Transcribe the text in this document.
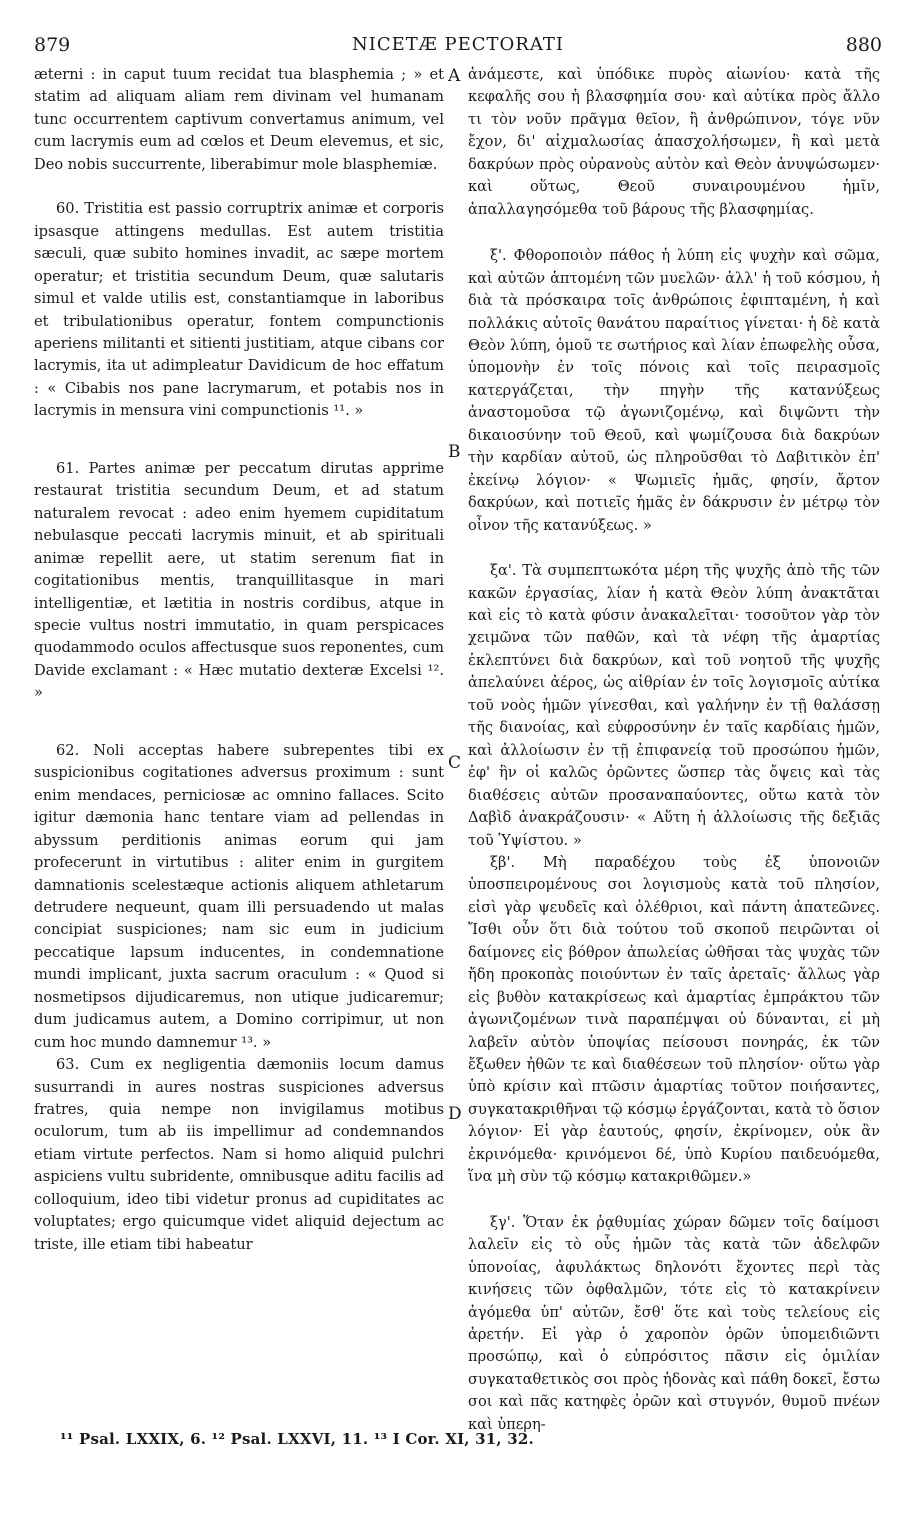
879	NICETÆ PECTORATI	880

æterni : in caput tuum recidat tua blasphemia ; » et statim ad aliquam aliam rem divinam vel humanam tunc occurrentem captivum convertamus animum, vel cum lacrymis eum ad cœlos et Deum elevemus, et sic, Deo nobis succurrente, liberabimur mole blasphemiæ.

60. Tristitia est passio corruptrix animæ et corporis ipsasque attingens medullas. Est autem tristitia sæculi, quæ subito homines invadit, ac sæpe mortem operatur; et tristitia secundum Deum, quæ salutaris simul et valde utilis est, constantiamque in laboribus et tribulationibus operatur, fontem compunctionis aperiens militanti et sitienti justitiam, atque cibans cor lacrymis, ita ut adimpleatur Davidicum de hoc effatum : « Cibabis nos pane lacrymarum, et potabis nos in lacrymis in mensura vini compunctionis ¹¹. »

61. Partes animæ per peccatum dirutas apprime restaurat tristitia secundum Deum, et ad statum naturalem revocat : adeo enim hyemem cupiditatum nebulasque peccati lacrymis minuit, et ab spirituali animæ repellit aere, ut statim serenum fiat in cogitationibus mentis, tranquillitasque in mari intelligentiæ, et lætitia in nostris cordibus, atque in specie vultus nostri immutatio, in quam perspicaces quodammodo oculos affectusque suos reponentes, cum Davide exclamant : « Hæc mutatio dexteræ Excelsi ¹². »

62. Noli acceptas habere subrepentes tibi ex suspicionibus cogitationes adversus proximum : sunt enim mendaces, perniciosæ ac omnino fallaces. Scito igitur dæmonia hanc tentare viam ad pellendas in abyssum perditionis animas eorum qui jam profecerunt in virtutibus : aliter enim in gurgitem damnationis scelestæque actionis aliquem athletarum detrudere nequeunt, quam illi persuadendo ut malas concipiat suspiciones; nam sic eum in judicium peccatique lapsum inducentes, in condemnatione mundi implicant, juxta sacrum oraculum : « Quod si nosmetipsos dijudicaremus, non utique judicaremur; dum judicamus autem, a Domino corripimur, ut non cum hoc mundo damnemur ¹³. »

63. Cum ex negligentia dæmoniis locum damus susurrandi in aures nostras suspiciones adversus fratres, quia nempe non invigilamus motibus oculorum, tum ab iis impellimur ad condemnandos etiam virtute perfectos. Nam si homo aliquid pulchri aspiciens vultu subridente, omnibusque aditu facilis ad colloquium, ideo tibi videtur pronus ad cupiditates ac voluptates; ergo quicumque videt aliquid dejectum ac triste, ille etiam tibi habeatur

A
B
C
D

ἀνάμεστε, καὶ ὑπόδικε πυρὸς αἰωνίου· κατὰ τῆς κεφαλῆς σου ἡ βλασφημία σου· καὶ αὐτίκα πρὸς ἄλλο τι τὸν νοῦν πρᾶγμα θεῖον, ἢ ἀνθρώπινον, τόγε νῦν ἔχον, δι' αἰχμαλωσίας ἀπασχολήσωμεν, ἢ καὶ μετὰ δακρύων πρὸς οὐρανοὺς αὐτὸν καὶ Θεὸν ἀνυψώσωμεν· καὶ οὕτως, Θεοῦ συναιρουμένου ἡμῖν, ἀπαλλαγησόμεθα τοῦ βάρους τῆς βλασφημίας.

ξ'. Φθοροποιὸν πάθος ἡ λύπη εἰς ψυχὴν καὶ σῶμα, καὶ αὐτῶν ἁπτομένη τῶν μυελῶν· ἀλλ' ἡ τοῦ κόσμου, ἡ διὰ τὰ πρόσκαιρα τοῖς ἀνθρώποις ἐφιπταμένη, ἡ καὶ πολλάκις αὐτοῖς θανάτου παραίτιος γίνεται· ἡ δὲ κατὰ Θεὸν λύπη, ὁμοῦ τε σωτήριος καὶ λίαν ἐπωφελὴς οὖσα, ὑπομονὴν ἐν τοῖς πόνοις καὶ τοῖς πειρασμοῖς κατεργάζεται, τὴν πηγὴν τῆς κατανύξεως ἀναστομοῦσα τῷ ἀγωνιζομένῳ, καὶ διψῶντι τὴν δικαιοσύνην τοῦ Θεοῦ, καὶ ψωμίζουσα διὰ δακρύων τὴν καρδίαν αὐτοῦ, ὡς πληροῦσθαι τὸ Δαβιτικὸν ἐπ' ἐκείνῳ λόγιον· « Ψωμιεῖς ἡμᾶς, φησίν, ἄρτον δακρύων, καὶ ποτιεῖς ἡμᾶς ἐν δάκρυσιν ἐν μέτρῳ τὸν οἶνον τῆς κατανύξεως. »

ξα'. Τὰ συμπεπτωκότα μέρη τῆς ψυχῆς ἀπὸ τῆς τῶν κακῶν ἐργασίας, λίαν ἡ κατὰ Θεὸν λύπη ἀνακτᾶται καὶ εἰς τὸ κατὰ φύσιν ἀνακαλεῖται· τοσοῦτον γὰρ τὸν χειμῶνα τῶν παθῶν, καὶ τὰ νέφη τῆς ἁμαρτίας ἐκλεπτύνει διὰ δακρύων, καὶ τοῦ νοητοῦ τῆς ψυχῆς ἀπελαύνει ἀέρος, ὡς αἰθρίαν ἐν τοῖς λογισμοῖς αὐτίκα τοῦ νοὸς ἡμῶν γίνεσθαι, καὶ γαλήνην ἐν τῇ θαλάσσῃ τῆς διανοίας, καὶ εὐφροσύνην ἐν ταῖς καρδίαις ἡμῶν, καὶ ἀλλοίωσιν ἐν τῇ ἐπιφανείᾳ τοῦ προσώπου ἡμῶν, ἐφ' ἣν οἱ καλῶς ὁρῶντες ὥσπερ τὰς ὄψεις καὶ τὰς διαθέσεις αὐτῶν προσαναπαύοντες, οὕτω κατὰ τὸν Δαβὶδ ἀνακράζουσιν· « Αὕτη ἡ ἀλλοίωσις τῆς δεξιᾶς τοῦ Ὑψίστου. »

ξβ'. Μὴ παραδέχου τοὺς ἐξ ὑπονοιῶν ὑποσπειρομένους σοι λογισμοὺς κατὰ τοῦ πλησίον, εἰσὶ γὰρ ψευδεῖς καὶ ὀλέθριοι, καὶ πάντη ἀπατεῶνες. Ἴσθι οὖν ὅτι διὰ τούτου τοῦ σκοποῦ πειρῶνται οἱ δαίμονες εἰς βόθρον ἀπωλείας ὠθῆσαι τὰς ψυχὰς τῶν ἤδη προκοπὰς ποιούντων ἐν ταῖς ἀρεταῖς· ἄλλως γὰρ εἰς βυθὸν κατακρίσεως καὶ ἁμαρτίας ἐμπράκτου τῶν ἀγωνιζομένων τινὰ παραπέμψαι οὐ δύνανται, εἰ μὴ λαβεῖν αὐτὸν ὑποψίας πείσουσι πονηράς, ἐκ τῶν ἔξωθεν ἠθῶν τε καὶ διαθέσεων τοῦ πλησίον· οὕτω γὰρ ὑπὸ κρίσιν καὶ πτῶσιν ἁμαρτίας τοῦτον ποιήσαντες, συγκατακριθῆναι τῷ κόσμῳ ἐργάζονται, κατὰ τὸ ὅσιον λόγιον· Εἰ γὰρ ἑαυτούς, φησίν, ἐκρίνομεν, οὐκ ἂν ἐκρινόμεθα· κρινόμενοι δέ, ὑπὸ Κυρίου παιδευόμεθα, ἵνα μὴ σὺν τῷ κόσμῳ κατακριθῶμεν.»

ξγ'. Ὅταν ἐκ ῥᾳθυμίας χώραν δῶμεν τοῖς δαίμοσι λαλεῖν εἰς τὸ οὖς ἡμῶν τὰς κατὰ τῶν ἀδελφῶν ὑπονοίας, ἀφυλάκτως δηλονότι ἔχοντες περὶ τὰς κινήσεις τῶν ὀφθαλμῶν, τότε εἰς τὸ κατακρίνειν ἀγόμεθα ὑπ' αὐτῶν, ἔσθ' ὅτε καὶ τοὺς τελείους εἰς ἀρετήν. Εἰ γὰρ ὁ χαροπὸν ὁρῶν ὑπομειδιῶντι προσώπῳ, καὶ ὁ εὐπρόσιτος πᾶσιν εἰς ὁμιλίαν συγκαταθετικὸς σοι πρὸς ἡδονὰς καὶ πάθη δοκεῖ, ἔστω σοι καὶ πᾶς κατηφὲς ὁρῶν καὶ στυγνόν, θυμοῦ πνέων καὶ ὑπερη-

¹¹ Psal. LXXIX, 6. ¹² Psal. LXXVI, 11. ¹³ I Cor. XI, 31, 32.
